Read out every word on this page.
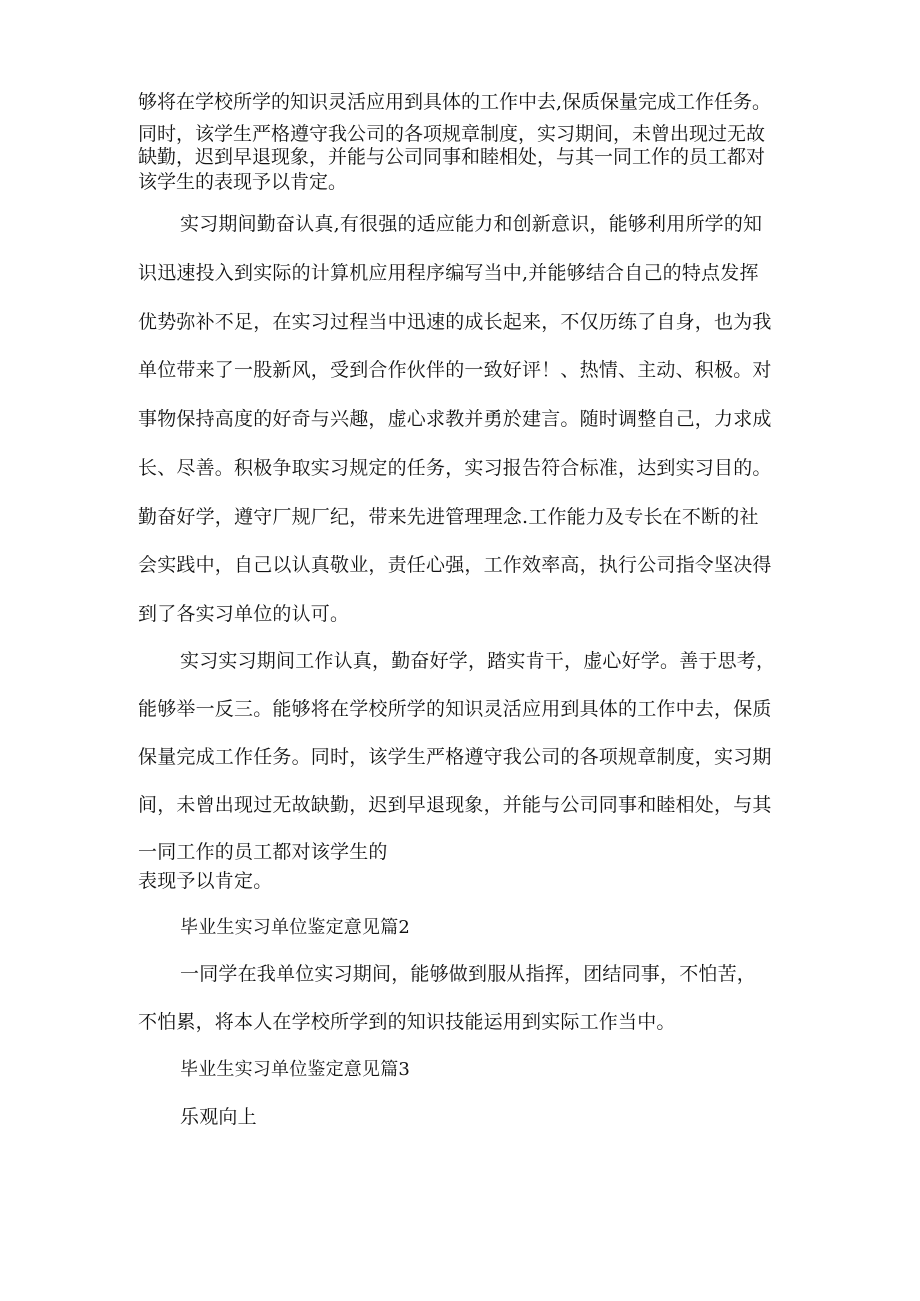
够将在学校所学的知识灵活应用到具体的工作中去,保质保量完成工作任务。
同时，该学生严格遵守我公司的各项规章制度，实习期间，未曾出现过无故
缺勤，迟到早退现象，并能与公司同事和睦相处，与其一同工作的员工都对
该学生的表现予以肯定。
实习期间勤奋认真,有很强的适应能力和创新意识，能够利用所学的知
识迅速投入到实际的计算机应用程序编写当中,并能够结合自己的特点发挥
优势弥补不足，在实习过程当中迅速的成长起来，不仅历练了自身，也为我
单位带来了一股新风，受到合作伙伴的一致好评！、热情、主动、积极。对
事物保持高度的好奇与兴趣，虚心求教并勇於建言。随时调整自己，力求成
长、尽善。积极争取实习规定的任务，实习报告符合标准，达到实习目的。
勤奋好学，遵守厂规厂纪，带来先进管理理念.工作能力及专长在不断的社
会实践中，自己以认真敬业，责任心强，工作效率高，执行公司指令坚决得
到了各实习单位的认可。
实习实习期间工作认真，勤奋好学，踏实肯干，虚心好学。善于思考，
能够举一反三。能够将在学校所学的知识灵活应用到具体的工作中去，保质
保量完成工作任务。同时，该学生严格遵守我公司的各项规章制度，实习期
间，未曾出现过无故缺勤，迟到早退现象，并能与公司同事和睦相处，与其
一同工作的员工都对该学生的
表现予以肯定。
毕业生实习单位鉴定意见篇2
一同学在我单位实习期间，能够做到服从指挥，团结同事，不怕苦，
不怕累，将本人在学校所学到的知识技能运用到实际工作当中。
毕业生实习单位鉴定意见篇3
乐观向上
